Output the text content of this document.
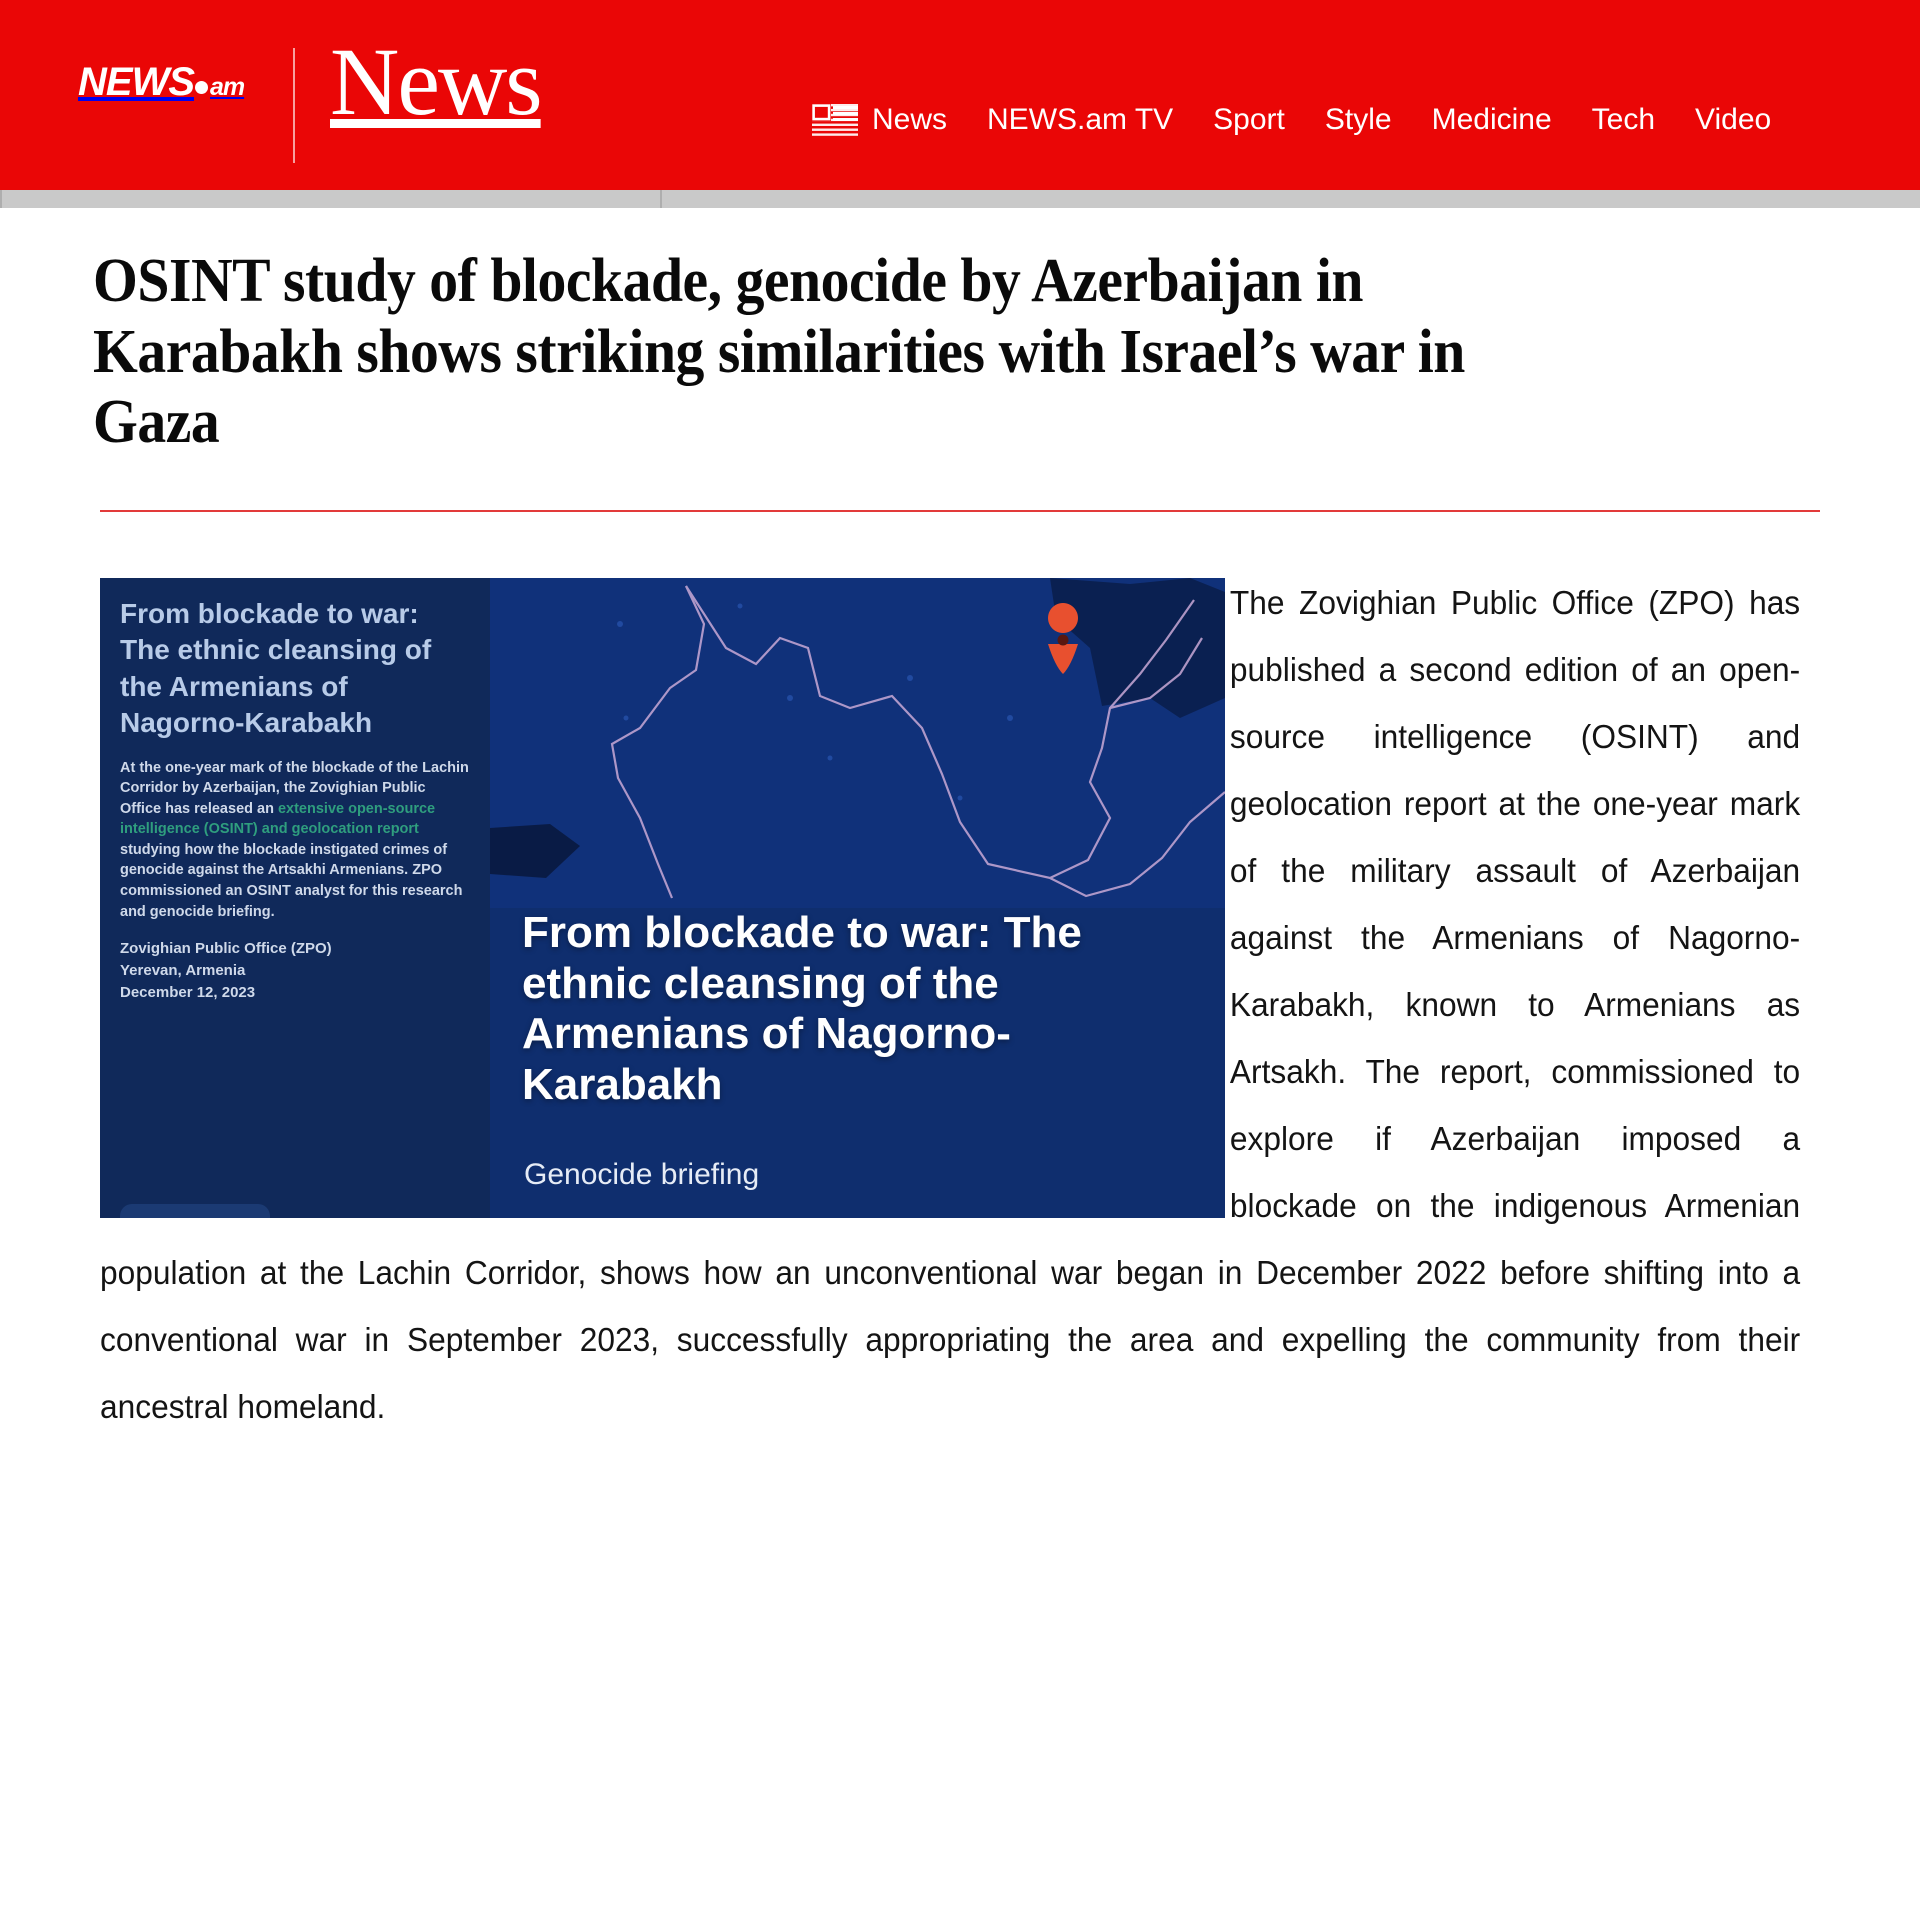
NEWS am News	News NEWS.am TV Sport Style Medicine Tech Video
OSINT study of blockade, genocide by Azerbaijan in Karabakh shows striking similarities with Israel’s war in Gaza

From blockade to war: The ethnic cleansing of the Armenians of Nagorno-Karabakh

At the one-year mark of the blockade of the Lachin Corridor by Azerbaijan, the Zovighian Public Office has released an extensive open-source intelligence (OSINT) and geolocation report studying how the blockade instigated crimes of genocide against the Artsakhi Armenians. ZPO commissioned an OSINT analyst for this research and genocide briefing.

Zovighian Public Office (ZPO)
Yerevan, Armenia
December 12, 2023

From blockade to war: The ethnic cleansing of the Armenians of Nagorno-Karabakh

Genocide briefing

The Zovighian Public Office (ZPO) has published a second edition of an open-source intelligence (OSINT) and geolocation report at the one-year mark of the military assault of Azerbaijan against the Armenians of Nagorno-Karabakh, known to Armenians as Artsakh. The report, commissioned to explore if Azerbaijan imposed a blockade on the indigenous Armenian population at the Lachin Corridor, shows how an unconventional war began in December 2022 before shifting into a conventional war in September 2023, successfully appropriating the area and expelling the community from their ancestral homeland.
